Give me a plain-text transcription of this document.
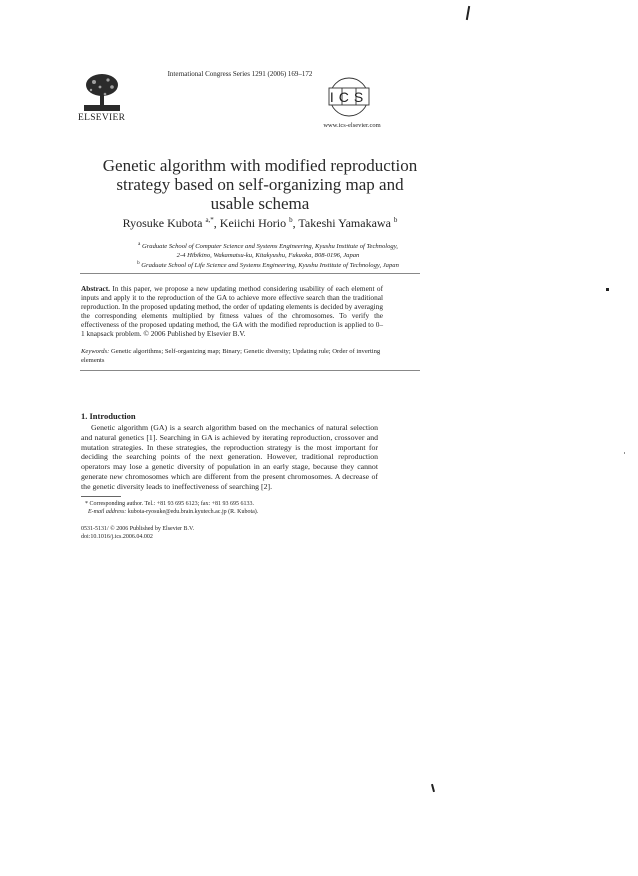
ELSEVIER
International Congress Series 1291 (2006) 169–172
ICS
www.ics-elsevier.com
Genetic algorithm with modified reproduction
strategy based on self-organizing map and
usable schema
Ryosuke Kubota $^{a,*}$, Keiichi Horio $^b$, Takeshi Yamakawa $^b$
$^a$ Graduate School of Computer Science and Systems Engineering, Kyushu Institute of Technology,
2-4 Hibikino, Wakamatsu-ku, Kitakyushu, Fukuoka, 808-0196, Japan
$^b$ Graduate School of Life Science and Systems Engineering, Kyushu Institute of Technology, Japan
Abstract. In this paper, we propose a new updating method considering usability of each element of inputs and apply it to the reproduction of the GA to achieve more effective search than the traditional reproduction. In the proposed updating method, the order of updating elements is decided by averaging the corresponding elements multiplied by fitness values of the chromosomes. To verify the effectiveness of the proposed updating method, the GA with the modified reproduction is applied to 0–1 knapsack problem. © 2006 Published by Elsevier B.V.
Keywords: Genetic algorithms; Self-organizing map; Binary; Genetic diversity; Updating rule; Order of inverting elements
1. Introduction
Genetic algorithm (GA) is a search algorithm based on the mechanics of natural selection and natural genetics [1]. Searching in GA is achieved by iterating reproduction, crossover and mutation strategies. In these strategies, the reproduction strategy is the most important for deciding the searching points of the next generation. However, traditional reproduction operators may lose a genetic diversity of population in an early stage, because they cannot generate new chromosomes which are different from the present chromosomes. A decrease of the genetic diversity leads to ineffectiveness of searching [2].
* Corresponding author. Tel.: +81 93 695 6123; fax: +81 93 695 6133.
E-mail address: kubota-ryosuke@edu.brain.kyutech.ac.jp (R. Kubota).
0531-5131/ © 2006 Published by Elsevier B.V.
doi:10.1016/j.ics.2006.04.002
